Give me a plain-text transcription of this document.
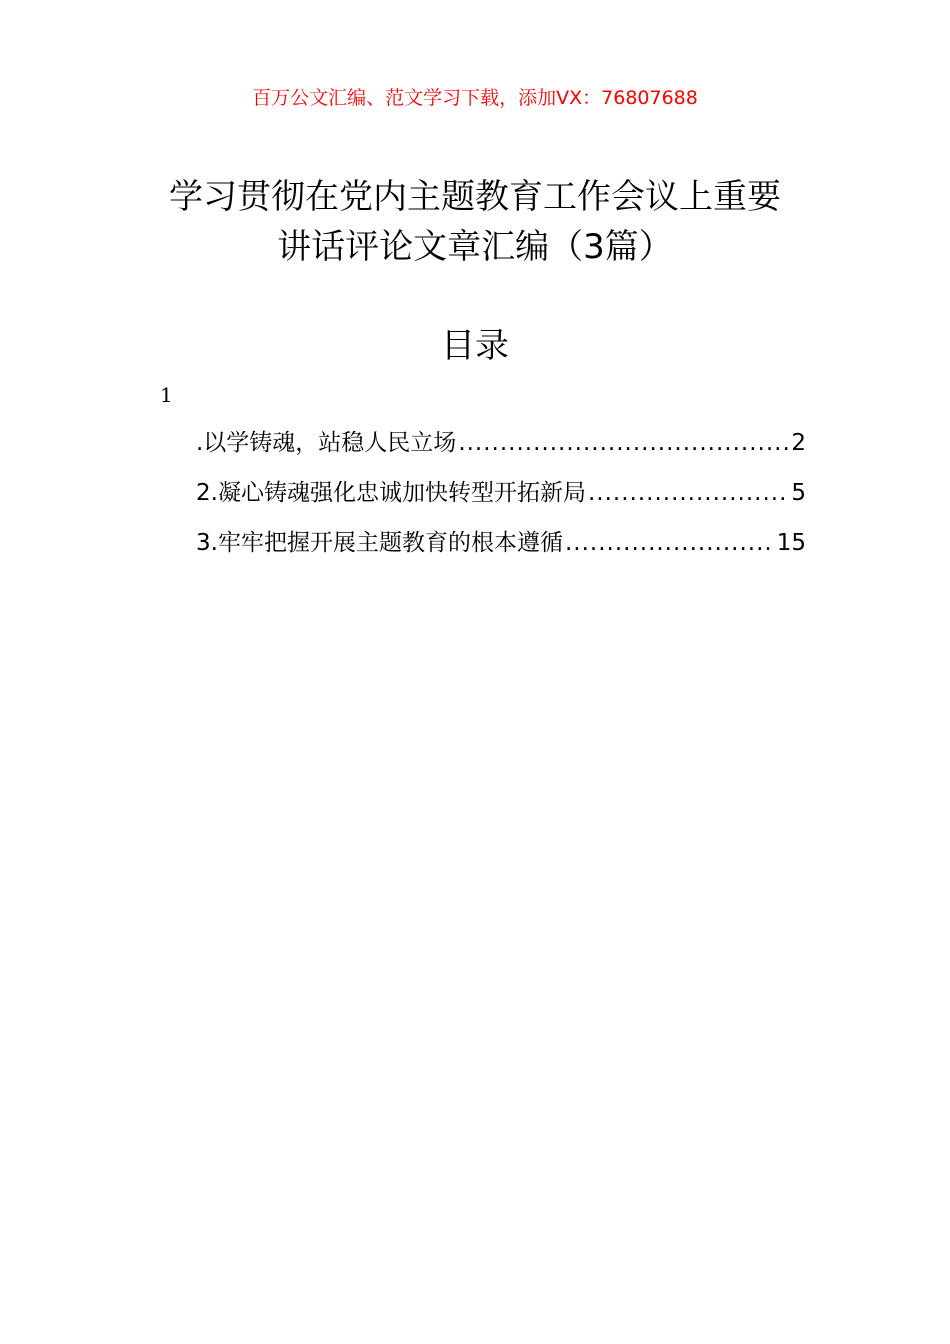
百万公文汇编、范文学习下载，添加VX：76807688
学习贯彻在党内主题教育工作会议上重要
讲话评论文章汇编（3篇）
目录
1
.以学铸魂，站稳人民立场 .....	2
2.凝心铸魂强化忠诚加快转型开拓新局 .....	5
3.牢牢把握开展主题教育的根本遵循 .....	15
